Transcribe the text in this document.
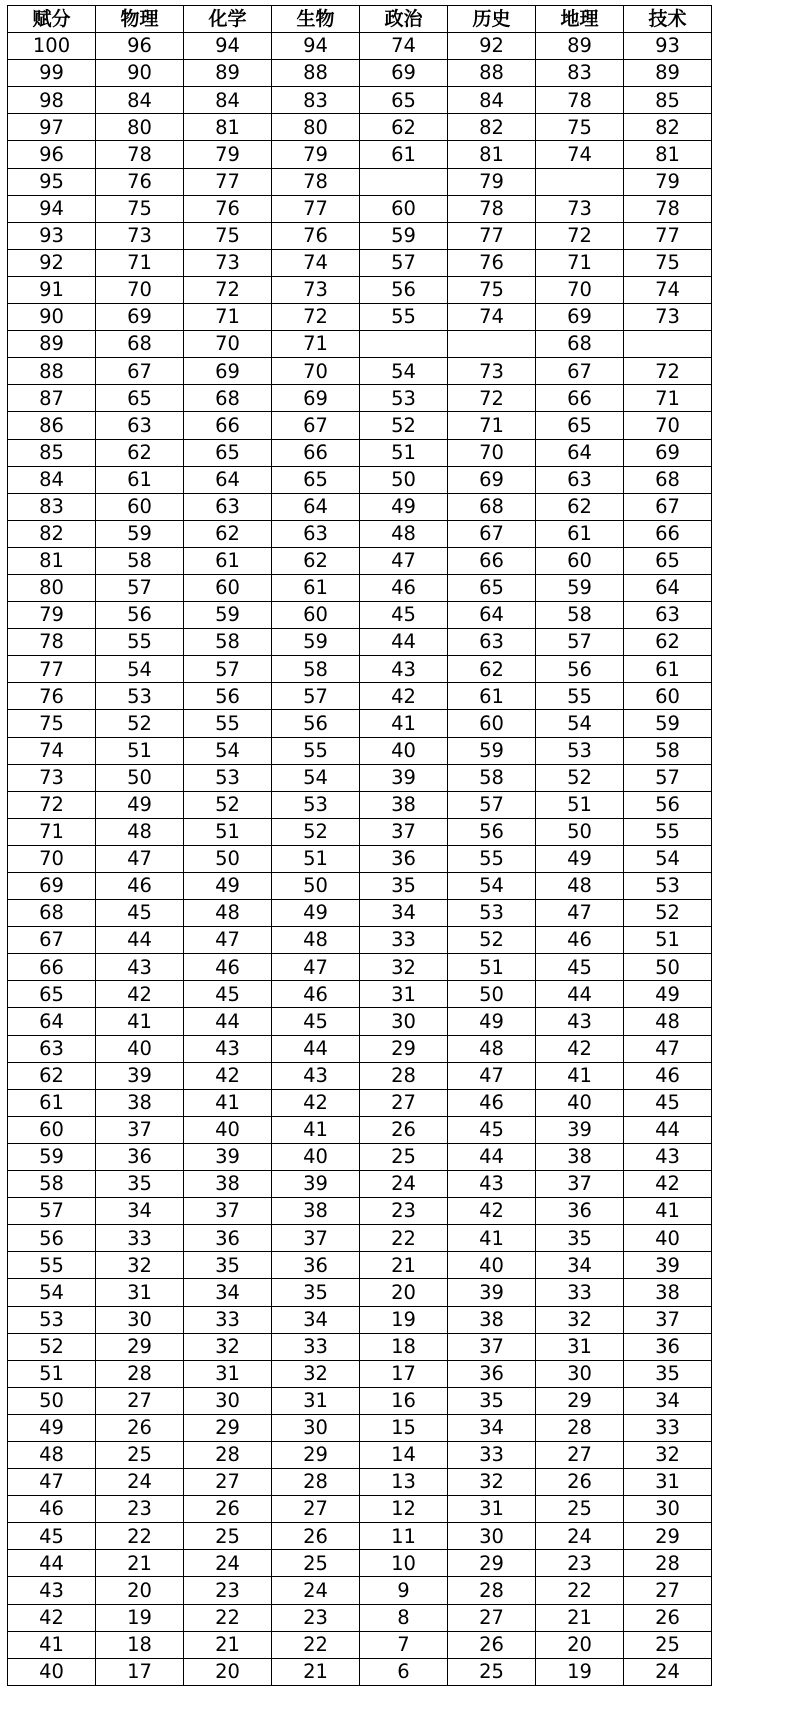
赋分	物理	化学	生物	政治	历史	地理	技术
100	96	94	94	74	92	89	93
99	90	89	88	69	88	83	89
98	84	84	83	65	84	78	85
97	80	81	80	62	82	75	82
96	78	79	79	61	81	74	81
95	76	77	78		79		79
94	75	76	77	60	78	73	78
93	73	75	76	59	77	72	77
92	71	73	74	57	76	71	75
91	70	72	73	56	75	70	74
90	69	71	72	55	74	69	73
89	68	70	71			68	
88	67	69	70	54	73	67	72
87	65	68	69	53	72	66	71
86	63	66	67	52	71	65	70
85	62	65	66	51	70	64	69
84	61	64	65	50	69	63	68
83	60	63	64	49	68	62	67
82	59	62	63	48	67	61	66
81	58	61	62	47	66	60	65
80	57	60	61	46	65	59	64
79	56	59	60	45	64	58	63
78	55	58	59	44	63	57	62
77	54	57	58	43	62	56	61
76	53	56	57	42	61	55	60
75	52	55	56	41	60	54	59
74	51	54	55	40	59	53	58
73	50	53	54	39	58	52	57
72	49	52	53	38	57	51	56
71	48	51	52	37	56	50	55
70	47	50	51	36	55	49	54
69	46	49	50	35	54	48	53
68	45	48	49	34	53	47	52
67	44	47	48	33	52	46	51
66	43	46	47	32	51	45	50
65	42	45	46	31	50	44	49
64	41	44	45	30	49	43	48
63	40	43	44	29	48	42	47
62	39	42	43	28	47	41	46
61	38	41	42	27	46	40	45
60	37	40	41	26	45	39	44
59	36	39	40	25	44	38	43
58	35	38	39	24	43	37	42
57	34	37	38	23	42	36	41
56	33	36	37	22	41	35	40
55	32	35	36	21	40	34	39
54	31	34	35	20	39	33	38
53	30	33	34	19	38	32	37
52	29	32	33	18	37	31	36
51	28	31	32	17	36	30	35
50	27	30	31	16	35	29	34
49	26	29	30	15	34	28	33
48	25	28	29	14	33	27	32
47	24	27	28	13	32	26	31
46	23	26	27	12	31	25	30
45	22	25	26	11	30	24	29
44	21	24	25	10	29	23	28
43	20	23	24	9	28	22	27
42	19	22	23	8	27	21	26
41	18	21	22	7	26	20	25
40	17	20	21	6	25	19	24
